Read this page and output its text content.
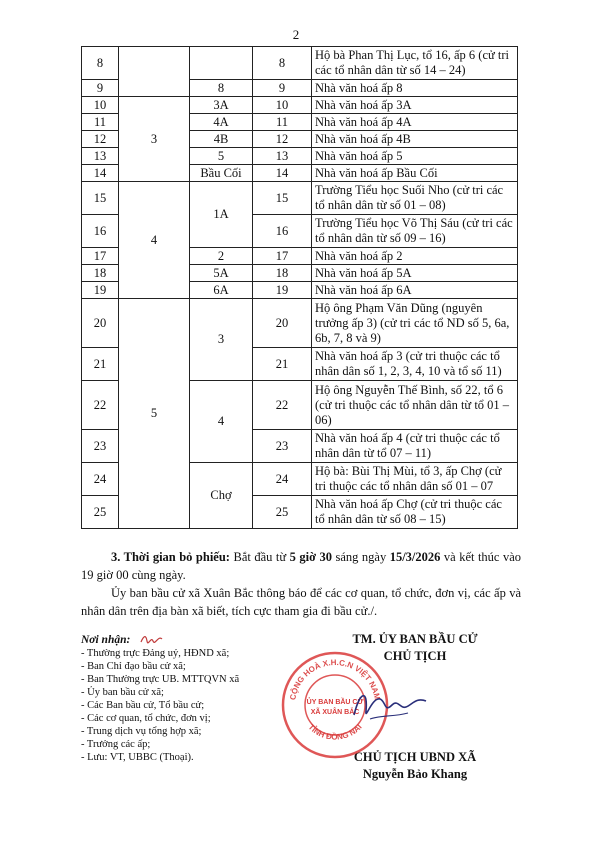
2
8			8	Hộ bà Phan Thị Lục, tổ 16, ấp 6 (cử tri các tổ nhân dân từ số 14 – 24)
9		8	9	Nhà văn hoá ấp 8
10	3	3A	10	Nhà văn hoá ấp 3A
11		4A	11	Nhà văn hoá ấp 4A
12		4B	12	Nhà văn hoá ấp 4B
13		5	13	Nhà văn hoá ấp 5
14		Bầu Cối	14	Nhà văn hoá ấp Bầu Cối
15	4	1A	15	Trường Tiểu học Suối Nho (cử tri các tổ nhân dân từ số 01 – 08)
16			16	Trường Tiểu học Võ Thị Sáu (cử tri các tổ nhân dân từ số 09 – 16)
17		2	17	Nhà văn hoá ấp 2
18		5A	18	Nhà văn hoá ấp 5A
19		6A	19	Nhà văn hoá ấp 6A
20	5	3	20	Hộ ông Phạm Văn Dũng (nguyên trưởng ấp 3) (cử tri các tổ ND số 5, 6a, 6b, 7, 8 và 9)
21			21	Nhà văn hoá ấp 3 (cử tri thuộc các tổ nhân dân số 1, 2, 3, 4, 10 và tổ số 11)
22		4	22	Hộ ông Nguyễn Thế Bình, số 22, tổ 6 (cử tri thuộc các tổ nhân dân từ tổ 01 – 06)
23			23	Nhà văn hoá ấp 4 (cử tri thuộc các tổ nhân dân từ tổ 07 – 11)
24		Chợ	24	Hộ bà: Bùi Thị Mùi, tổ 3, ấp Chợ (cử tri thuộc các tổ nhân dân số 01 – 07
25			25	Nhà văn hoá ấp Chợ (cử tri thuộc các tổ nhân dân từ số 08 – 15)
3. Thời gian bỏ phiếu: Bắt đầu từ 5 giờ 30 sáng ngày 15/3/2026 và kết thúc vào 19 giờ 00 cùng ngày.
Ủy ban bầu cử xã Xuân Bắc thông báo để các cơ quan, tổ chức, đơn vị, các ấp và nhân dân trên địa bàn xã biết, tích cực tham gia đi bầu cử./.
Nơi nhận:
- Thường trực Đảng uỷ, HĐND xã;
- Ban Chỉ đạo bầu cử xã;
- Ban Thường trực UB. MTTQVN xã
- Ủy ban bầu cử xã;
- Các Ban bầu cử, Tổ bầu cử;
- Các cơ quan, tổ chức, đơn vị;
- Trung dịch vụ tổng hợp xã;
- Trưởng các ấp;
- Lưu: VT, UBBC (Thoại).
TM. ỦY BAN BẦU CỬ
CHỦ TỊCH
CHỦ TỊCH UBND XÃ
Nguyễn Bảo Khang
CỘNG HOÀ X.H.C.N VIỆT NAM
ỦY BAN BẦU CỬ
XÃ XUÂN BẮC
TỈNH ĐỒNG NAI
